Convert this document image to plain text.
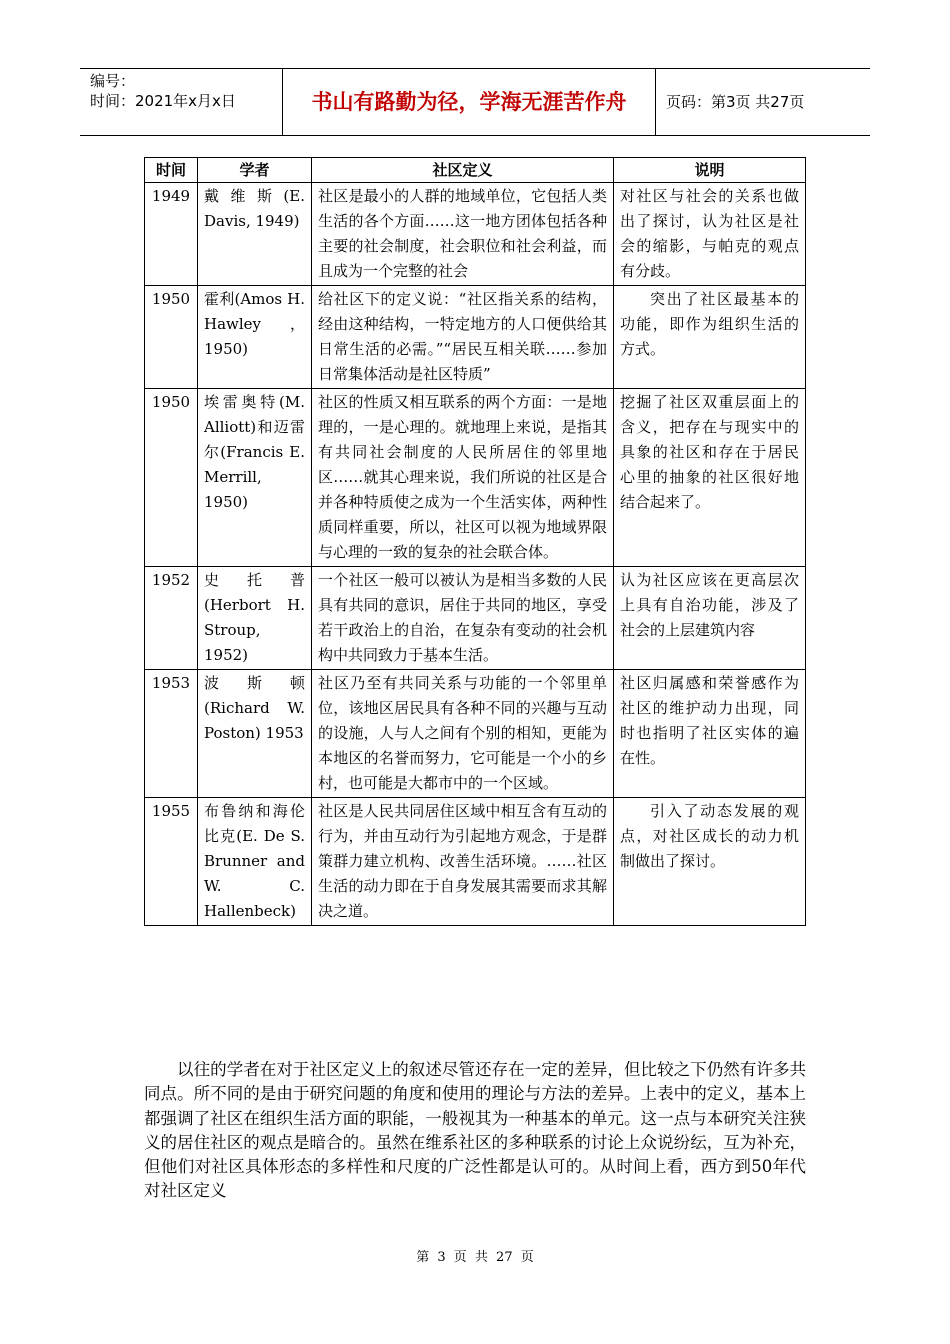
编号：
时间：2021年x月x日	书山有路勤为径，学海无涯苦作舟	页码：第3页 共27页
时间	学者	社区定义	说明
1949	戴维斯(E. Davis, 1949)	社区是最小的人群的地域单位，它包括人类生活的各个方面……这一地方团体包括各种主要的社会制度，社会职位和社会利益，而且成为一个完整的社会	对社区与社会的关系也做出了探讨，认为社区是社会的缩影，与帕克的观点有分歧。
1950	霍利(Amos H. Hawley，1950)	给社区下的定义说：“社区指关系的结构，经由这种结构，一特定地方的人口便供给其日常生活的必需。”“居民互相关联……参加日常集体活动是社区特质”	突出了社区最基本的功能，即作为组织生活的方式。
1950	埃雷奥特(M. Alliott)和迈雷尔(Francis E. Merrill, 1950)	社区的性质又相互联系的两个方面：一是地理的，一是心理的。就地理上来说，是指其有共同社会制度的人民所居住的邻里地区……就其心理来说，我们所说的社区是合并各种特质使之成为一个生活实体，两种性质同样重要，所以，社区可以视为地域界限与心理的一致的复杂的社会联合体。	挖掘了社区双重层面上的含义，把存在与现实中的具象的社区和存在于居民心里的抽象的社区很好地结合起来了。
1952	史托普(Herbort H. Stroup, 1952)	一个社区一般可以被认为是相当多数的人民具有共同的意识，居住于共同的地区，享受若干政治上的自治，在复杂有变动的社会机构中共同致力于基本生活。	认为社区应该在更高层次上具有自治功能，涉及了社会的上层建筑内容
1953	波斯顿(Richard W. Poston) 1953	社区乃至有共同关系与功能的一个邻里单位，该地区居民具有各种不同的兴趣与互动的设施，人与人之间有个别的相知，更能为本地区的名誉而努力，它可能是一个小的乡村，也可能是大都市中的一个区域。	社区归属感和荣誉感作为社区的维护动力出现，同时也指明了社区实体的遍在性。
1955	布鲁纳和海伦比克(E. De S. Brunner and W. C. Hallenbeck)	社区是人民共同居住区域中相互含有互动的行为，并由互动行为引起地方观念，于是群策群力建立机构、改善生活环境。……社区生活的动力即在于自身发展其需要而求其解决之道。	引入了动态发展的观点，对社区成长的动力机制做出了探讨。
以往的学者在对于社区定义上的叙述尽管还存在一定的差异，但比较之下仍然有许多共同点。所不同的是由于研究问题的角度和使用的理论与方法的差异。上表中的定义，基本上都强调了社区在组织生活方面的职能，一般视其为一种基本的单元。这一点与本研究关注狭义的居住社区的观点是暗合的。虽然在维系社区的多种联系的讨论上众说纷纭，互为补充，但他们对社区具体形态的多样性和尺度的广泛性都是认可的。从时间上看，西方到50年代对社区定义
第 3 页 共 27 页
